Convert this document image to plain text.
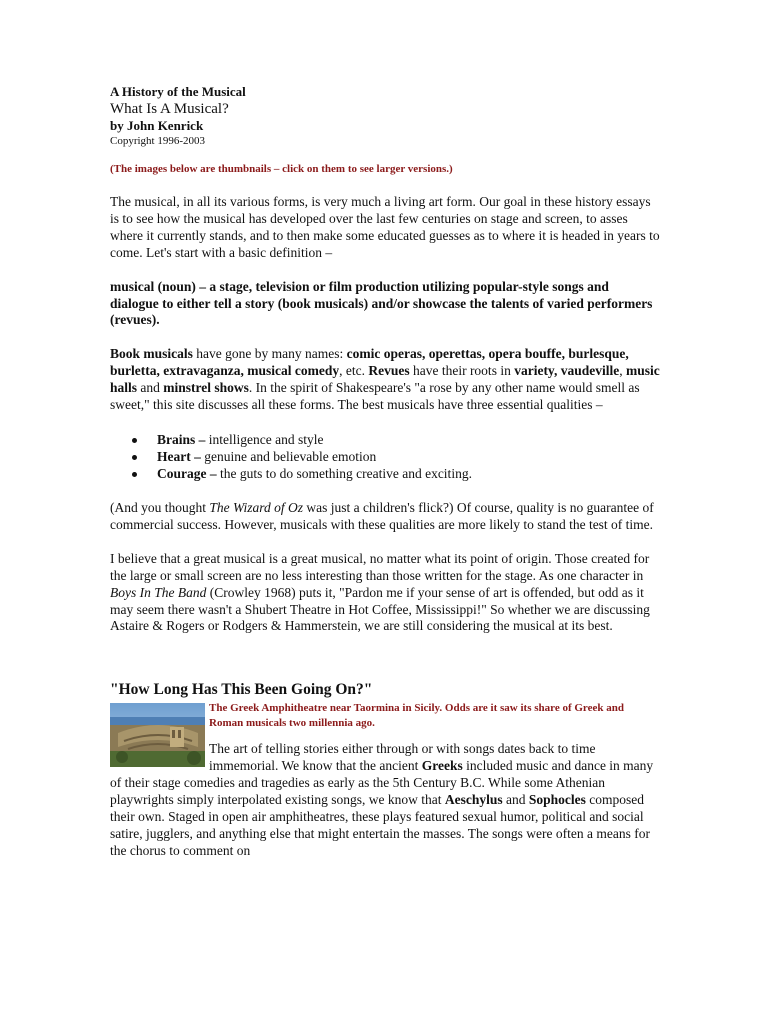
A History of the Musical
What Is A Musical?
by John Kenrick
Copyright 1996-2003
(The images below are thumbnails – click on them to see larger versions.)

The musical, in all its various forms, is very much a living art form. Our goal in these history essays is to see how the musical has developed over the last few centuries on stage and screen, to asses where it currently stands, and to then make some educated guesses as to where it is headed in years to come. Let's start with a basic definition –

musical (noun) – a stage, television or film production utilizing popular-style songs and dialogue to either tell a story (book musicals) and/or showcase the talents of varied performers (revues).

Book musicals have gone by many names: comic operas, operettas, opera bouffe, burlesque, burletta, extravaganza, musical comedy, etc. Revues have their roots in variety, vaudeville, music halls and minstrel shows. In the spirit of Shakespeare's "a rose by any other name would smell as sweet," this site discusses all these forms. The best musicals have three essential qualities –

Brains – intelligence and style
Heart – genuine and believable emotion
Courage – the guts to do something creative and exciting.

(And you thought The Wizard of Oz was just a children's flick?) Of course, quality is no guarantee of commercial success. However, musicals with these qualities are more likely to stand the test of time.

I believe that a great musical is a great musical, no matter what its point of origin. Those created for the large or small screen are no less interesting than those written for the stage. As one character in Boys In The Band (Crowley 1968) puts it, "Pardon me if your sense of art is offended, but odd as it may seem there wasn't a Shubert Theatre in Hot Coffee, Mississippi!" So whether we are discussing Astaire & Rogers or Rodgers & Hammerstein, we are still considering the musical at its best.

"How Long Has This Been Going On?"
The Greek Amphitheatre near Taormina in Sicily. Odds are it saw its share of Greek and Roman musicals two millennia ago.

The art of telling stories either through or with songs dates back to time immemorial. We know that the ancient Greeks included music and dance in many of their stage comedies and tragedies as early as the 5th Century B.C. While some Athenian playwrights simply interpolated existing songs, we know that Aeschylus and Sophocles composed their own. Staged in open air amphitheatres, these plays featured sexual humor, political and social satire, jugglers, and anything else that might entertain the masses. The songs were often a means for the chorus to comment on
